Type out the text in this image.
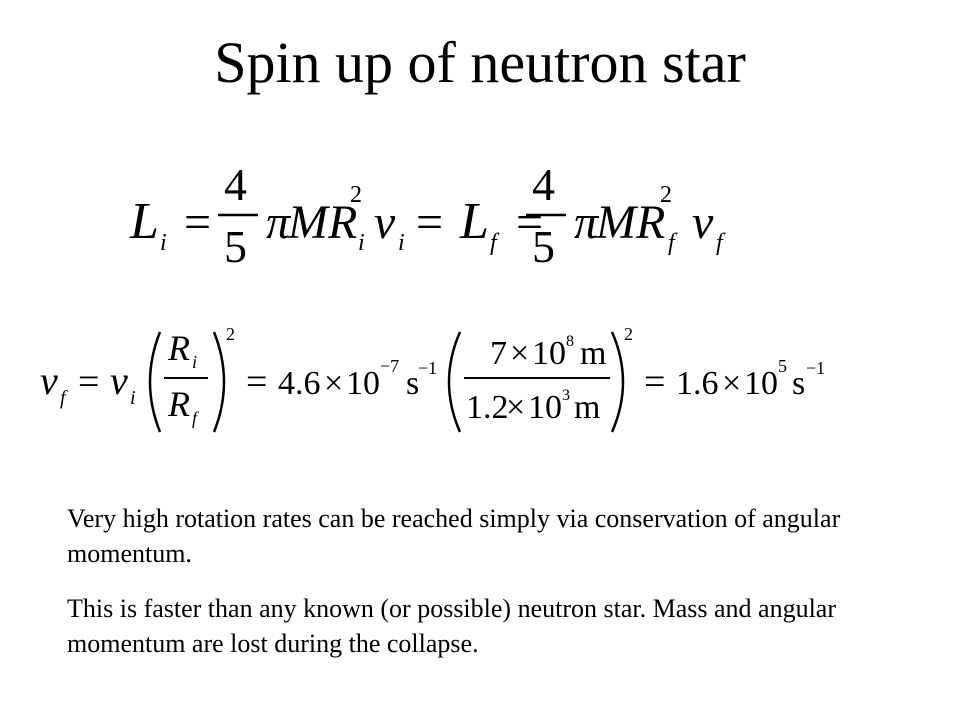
Spin up of neutron star
L i =
4
5 π
M R i
2
ν i = L f =
4
5 π
M R f
2
ν f
ν f = ν i
R i
R f
2
= 4.6 × 10 −7 s
−1 7 × 10 8 m
1.2
× 10 3 m
2
= 1.6 × 10 5 s −1

Very high rotation rates can be reached simply via conservation of angular momentum.

This is faster than any known (or possible) neutron star. Mass and angular momentum are lost during the collapse.
